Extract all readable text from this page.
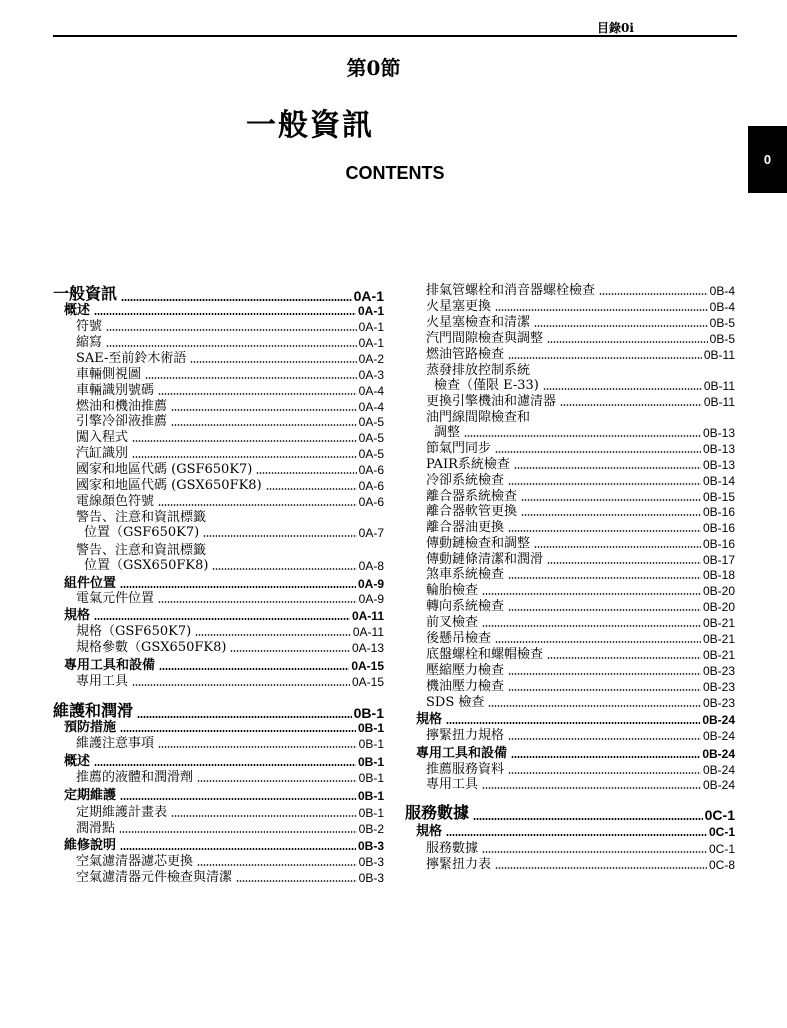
目錄0i
第0節
一般資訊
CONTENTS
0
一般資訊	0A-1
概述	0A-1
符號	0A-1
縮寫	0A-1
SAE-至前鈴木術語	0A-2
車輛側視圖	0A-3
車輛識別號碼	0A-4
燃油和機油推薦	0A-4
引擎冷卻液推薦	0A-5
闖入程式	0A-5
汽缸識別	0A-5
國家和地區代碼 (GSF650K7)	0A-6
國家和地區代碼 (GSX650FK8)	0A-6
電線顏色符號	0A-6
警告、注意和資訊標籤
位置（GSF650K7)	0A-7
警告、注意和資訊標籤
位置（GSX650FK8)	0A-8
組件位置	0A-9
電氣元件位置	0A-9
規格	0A-11
規格（GSF650K7)	0A-11
規格參數（GSX650FK8)	0A-13
專用工具和設備	0A-15
專用工具	0A-15
維護和潤滑	0B-1
預防措施	0B-1
維護注意事項	0B-1
概述	0B-1
推薦的液體和潤滑劑	0B-1
定期維護	0B-1
定期維護計畫表	0B-1
潤滑點	0B-2
維修說明	0B-3
空氣濾清器濾芯更換	0B-3
空氣濾清器元件檢查與清潔	0B-3
排氣管螺栓和消音器螺栓檢查	0B-4
火星塞更換	0B-4
火星塞檢查和清潔	0B-5
汽門間隙檢查與調整	0B-5
燃油管路檢查	0B-11
蒸發排放控制系統
檢查（僅限 E-33)	0B-11
更換引擎機油和濾清器	0B-11
油門線間隙檢查和
調整	0B-13
節氣門同步	0B-13
PAIR系統檢查	0B-13
冷卻系統檢查	0B-14
離合器系統檢查	0B-15
離合器軟管更換	0B-16
離合器油更換	0B-16
傳動鏈檢查和調整	0B-16
傳動鏈條清潔和潤滑	0B-17
煞車系統檢查	0B-18
輪胎檢查	0B-20
轉向系統檢查	0B-20
前叉檢查	0B-21
後懸吊檢查	0B-21
底盤螺栓和螺帽檢查	0B-21
壓縮壓力檢查	0B-23
機油壓力檢查	0B-23
SDS 檢查	0B-23
規格	0B-24
擰緊扭力規格	0B-24
專用工具和設備	0B-24
推薦服務資料	0B-24
專用工具	0B-24
服務數據	0C-1
規格	0C-1
服務數據	0C-1
擰緊扭力表	0C-8
